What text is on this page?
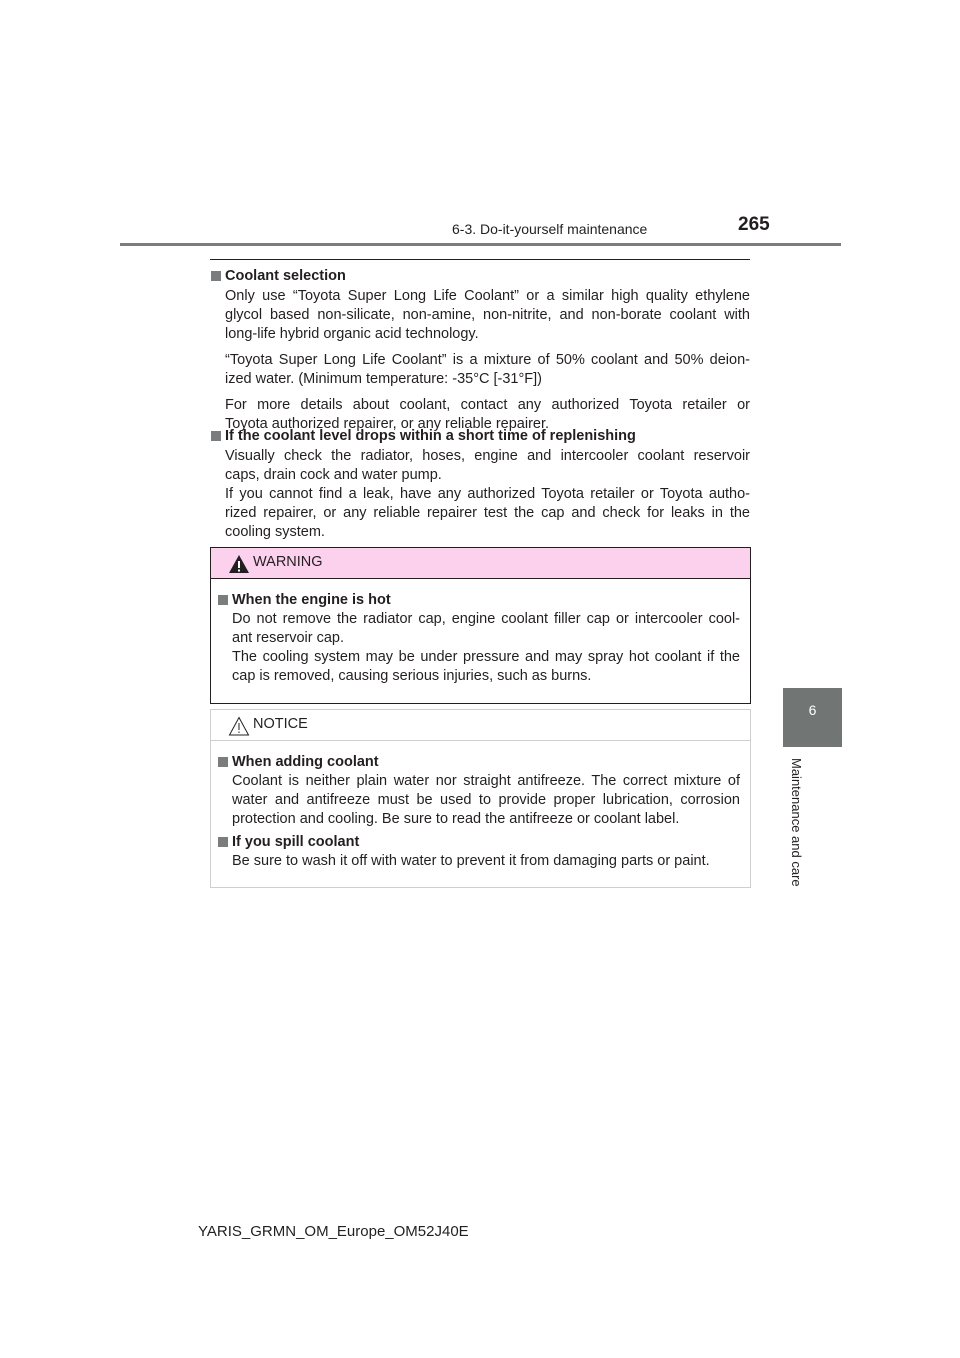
6-3. Do-it-yourself maintenance	265
6
Maintenance and care
Coolant selection
Only use “Toyota Super Long Life Coolant” or a similar high quality ethylene
glycol based non-silicate, non-amine, non-nitrite, and non-borate coolant with
long-life hybrid organic acid technology.
“Toyota Super Long Life Coolant” is a mixture of 50% coolant and 50% deion-
ized water. (Minimum temperature: -35°C [-31°F])
For more details about coolant, contact any authorized Toyota retailer or
Toyota authorized repairer, or any reliable repairer.
If the coolant level drops within a short time of replenishing
Visually check the radiator, hoses, engine and intercooler coolant reservoir
caps, drain cock and water pump.
If you cannot find a leak, have any authorized Toyota retailer or Toyota autho-
rized repairer, or any reliable repairer test the cap and check for leaks in the
cooling system.
WARNING
When the engine is hot
Do not remove the radiator cap, engine coolant filler cap or intercooler cool-
ant reservoir cap.
The cooling system may be under pressure and may spray hot coolant if the
cap is removed, causing serious injuries, such as burns.
NOTICE
When adding coolant
Coolant is neither plain water nor straight antifreeze. The correct mixture of
water and antifreeze must be used to provide proper lubrication, corrosion
protection and cooling. Be sure to read the antifreeze or coolant label.
If you spill coolant
Be sure to wash it off with water to prevent it from damaging parts or paint.
YARIS_GRMN_OM_Europe_OM52J40E
